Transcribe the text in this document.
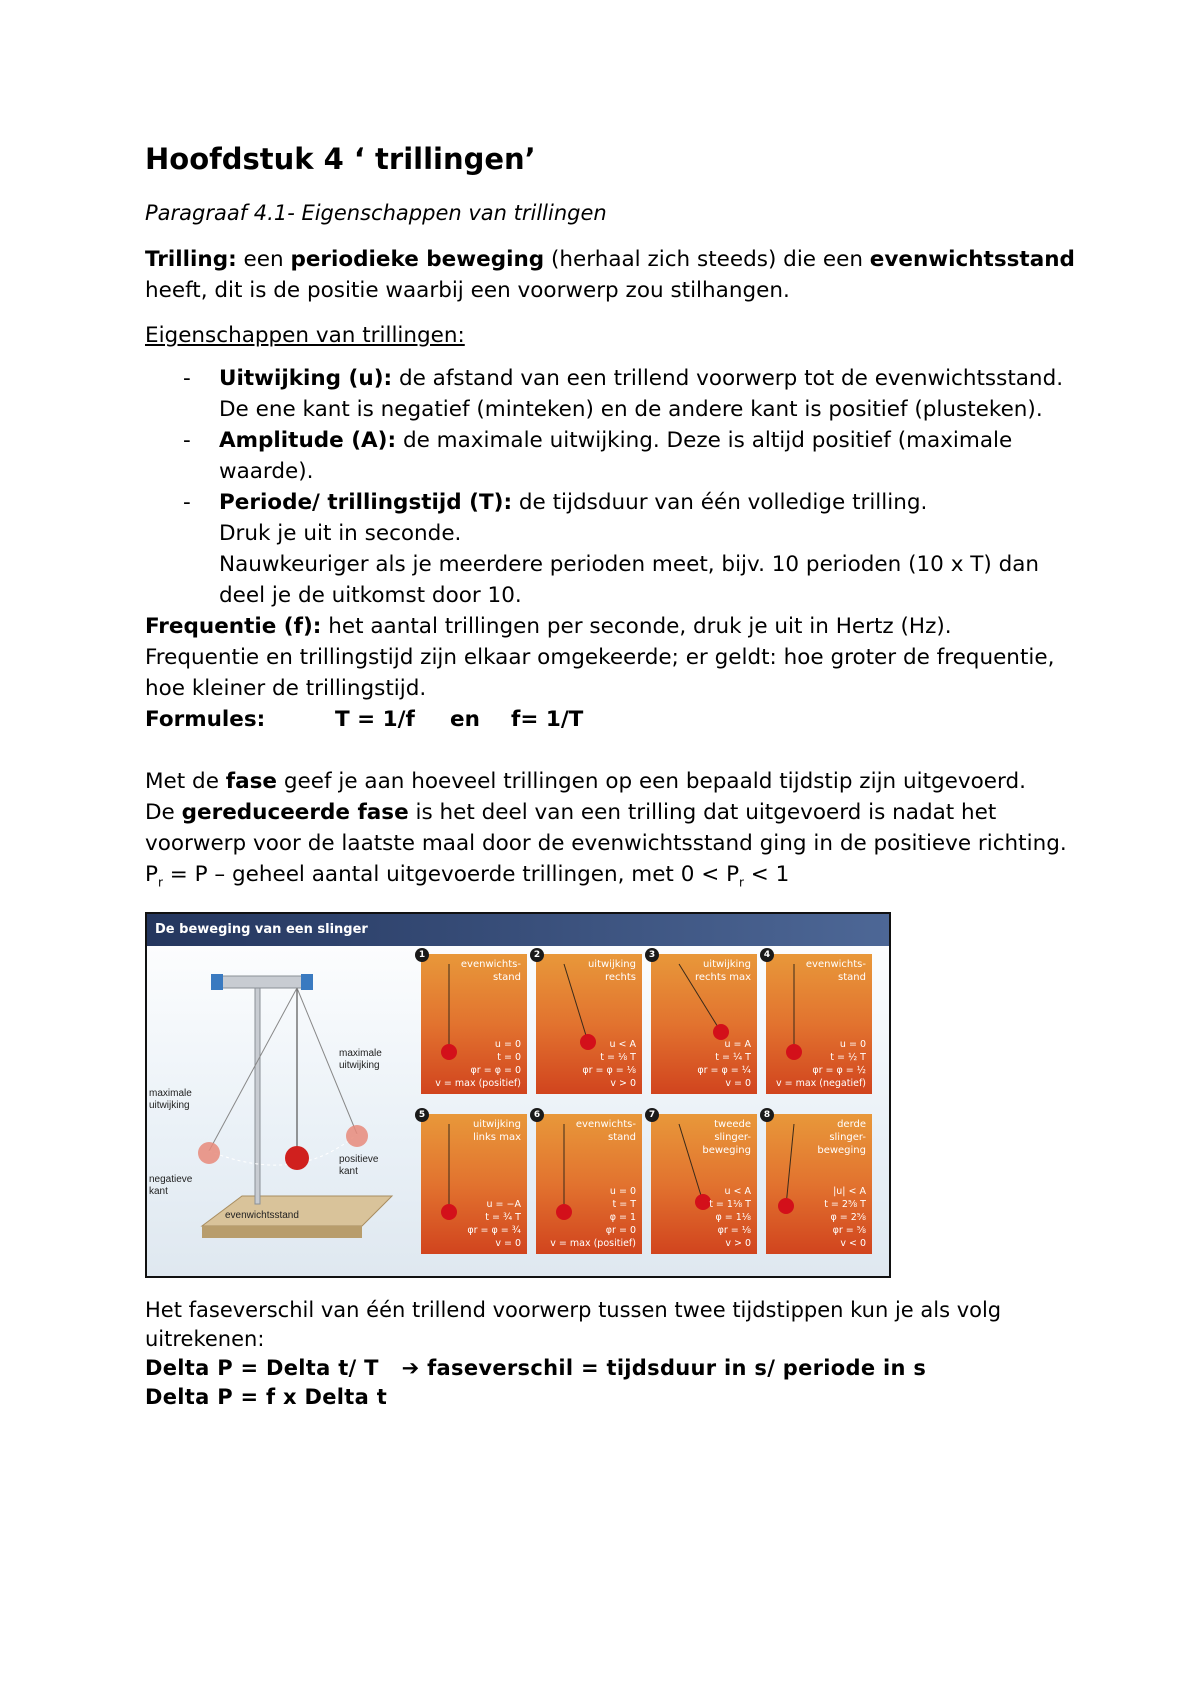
Hoofdstuk 4 ‘ trillingen’
Paragraaf 4.1- Eigenschappen van trillingen

Trilling: een periodieke beweging (herhaal zich steeds) die een evenwichtsstand heeft, dit is de positie waarbij een voorwerp zou stilhangen.

Eigenschappen van trillingen:

- Uitwijking (u): de afstand van een trillend voorwerp tot de evenwichtsstand. De ene kant is negatief (minteken) en de andere kant is positief (plusteken).
- Amplitude (A): de maximale uitwijking. Deze is altijd positief (maximale waarde).
- Periode/ trillingstijd (T): de tijdsduur van één volledige trilling.
Druk je uit in seconde.
Nauwkeuriger als je meerdere perioden meet, bijv. 10 perioden (10 x T) dan deel je de uitkomst door 10.

Frequentie (f): het aantal trillingen per seconde, druk je uit in Hertz (Hz).
Frequentie en trillingstijd zijn elkaar omgekeerde; er geldt: hoe groter de frequentie, hoe kleiner de trillingstijd.

Formules:	T = 1/f en f= 1/T

Met de fase geef je aan hoeveel trillingen op een bepaald tijdstip zijn uitgevoerd.
De gereduceerde fase is het deel van een trilling dat uitgevoerd is nadat het voorwerp voor de laatste maal door de evenwichtsstand ging in de positieve richting.

$P_r = P$ – geheel aantal uitgevoerde trillingen, met $0 < P_r < 1$

De beweging van een slinger
maximale uitwijking
maximale uitwijking
positieve kant
negatieve kant
evenwichtsstand
1
evenwichts-
stand
u = 0
t = 0
φr = φ = 0
v = max (positief)
2
uitwijking
rechts
u < A
t = ⅛ T
φr = φ = ⅛
v > 0
3
uitwijking
rechts max
u = A
t = ¼ T
φr = φ = ¼
v = 0
4
evenwichts-
stand
u = 0
t = ½ T
φr = φ = ½
v = max (negatief)
5
uitwijking
links max
u = −A
t = ¾ T
φr = φ = ¾
v = 0
6
evenwichts-
stand
u = 0
t = T
φ = 1
φr = 0
v = max (positief)
7
tweede
slinger-
beweging
u < A
t = 1⅛ T
φ = 1⅛
φr = ⅛
v > 0
8
derde
slinger-
beweging
|u| < A
t = 2⅝ T
φ = 2⅝
φr = ⅝
v < 0

Het faseverschil van één trillend voorwerp tussen twee tijdstippen kun je als volg uitrekenen:

Delta P = Delta t/ T ➔ faseverschil = tijdsduur in s/ periode in s
Delta P = f x Delta t
